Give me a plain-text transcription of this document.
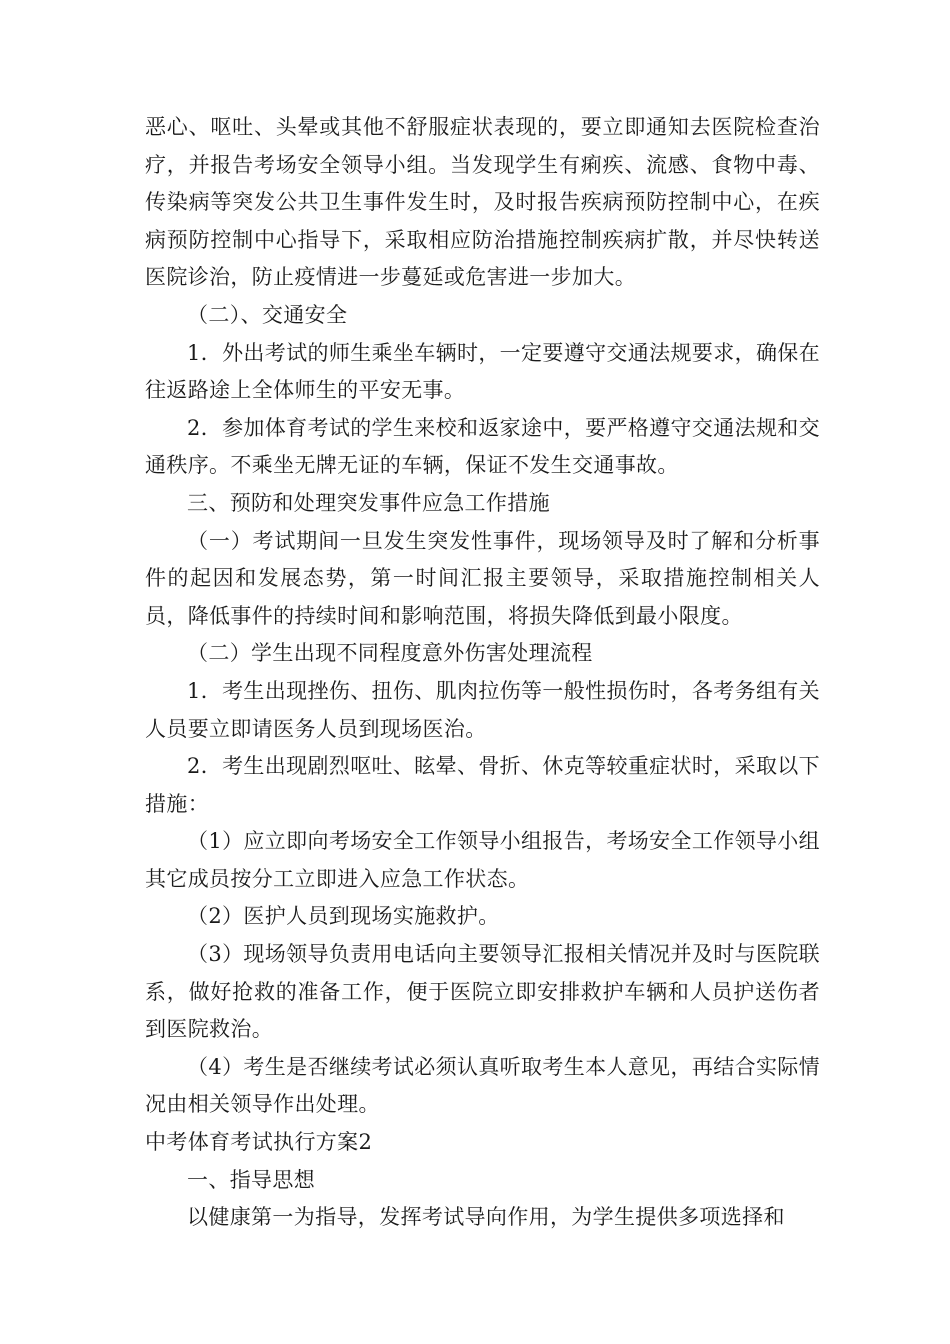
恶心、呕吐、头晕或其他不舒服症状表现的，要立即通知去医院检查治疗，并报告考场安全领导小组。当发现学生有痢疾、流感、食物中毒、传染病等突发公共卫生事件发生时，及时报告疾病预防控制中心，在疾病预防控制中心指导下，采取相应防治措施控制疾病扩散，并尽快转送医院诊治，防止疫情进一步蔓延或危害进一步加大。

（二）、交通安全

1．外出考试的师生乘坐车辆时，一定要遵守交通法规要求，确保在往返路途上全体师生的平安无事。

2．参加体育考试的学生来校和返家途中，要严格遵守交通法规和交通秩序。不乘坐无牌无证的车辆，保证不发生交通事故。

三、预防和处理突发事件应急工作措施

（一）考试期间一旦发生突发性事件，现场领导及时了解和分析事件的起因和发展态势，第一时间汇报主要领导，采取措施控制相关人员，降低事件的持续时间和影响范围，将损失降低到最小限度。

（二）学生出现不同程度意外伤害处理流程

1．考生出现挫伤、扭伤、肌肉拉伤等一般性损伤时，各考务组有关人员要立即请医务人员到现场医治。

2．考生出现剧烈呕吐、眩晕、骨折、休克等较重症状时，采取以下措施：

（1）应立即向考场安全工作领导小组报告，考场安全工作领导小组其它成员按分工立即进入应急工作状态。

（2）医护人员到现场实施救护。

（3）现场领导负责用电话向主要领导汇报相关情况并及时与医院联系，做好抢救的准备工作，便于医院立即安排救护车辆和人员护送伤者到医院救治。

（4）考生是否继续考试必须认真听取考生本人意见，再结合实际情况由相关领导作出处理。

中考体育考试执行方案2

一、指导思想

以健康第一为指导，发挥考试导向作用，为学生提供多项选择和
